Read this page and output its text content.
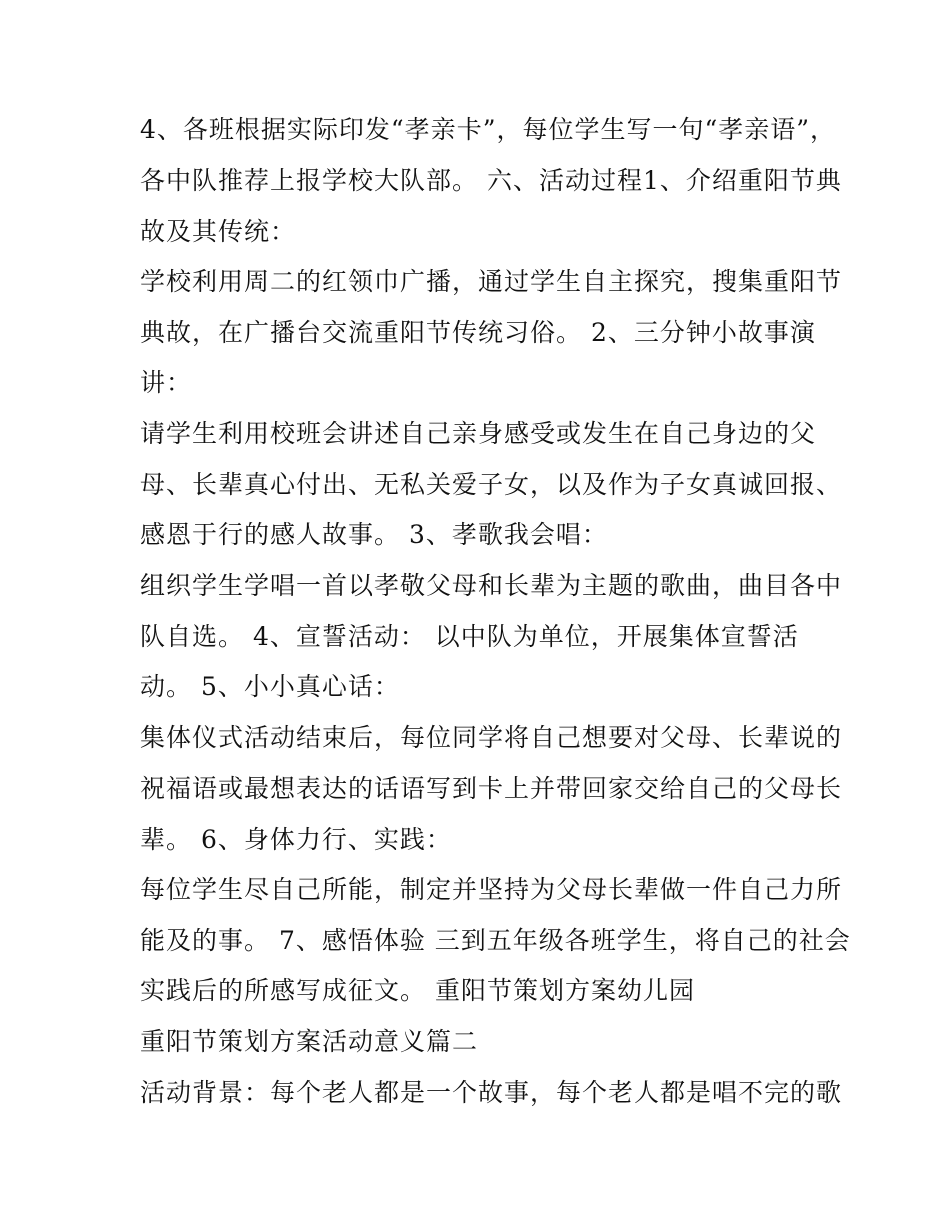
4、各班根据实际印发“孝亲卡”，每位学生写一句“孝亲语”，
各中队推荐上报学校大队部。 六、活动过程1、介绍重阳节典
故及其传统：
学校利用周二的红领巾广播，通过学生自主探究，搜集重阳节
典故，在广播台交流重阳节传统习俗。 2、三分钟小故事演
讲：
请学生利用校班会讲述自己亲身感受或发生在自己身边的父
母、长辈真心付出、无私关爱子女，以及作为子女真诚回报、
感恩于行的感人故事。 3、孝歌我会唱：
组织学生学唱一首以孝敬父母和长辈为主题的歌曲，曲目各中
队自选。 4、宣誓活动： 以中队为单位，开展集体宣誓活
动。 5、小小真心话：
集体仪式活动结束后，每位同学将自己想要对父母、长辈说的
祝福语或最想表达的话语写到卡上并带回家交给自己的父母长
辈。 6、身体力行、实践：
每位学生尽自己所能，制定并坚持为父母长辈做一件自己力所
能及的事。 7、感悟体验 三到五年级各班学生，将自己的社会
实践后的所感写成征文。 重阳节策划方案幼儿园
重阳节策划方案活动意义篇二
活动背景：每个老人都是一个故事，每个老人都是唱不完的歌
